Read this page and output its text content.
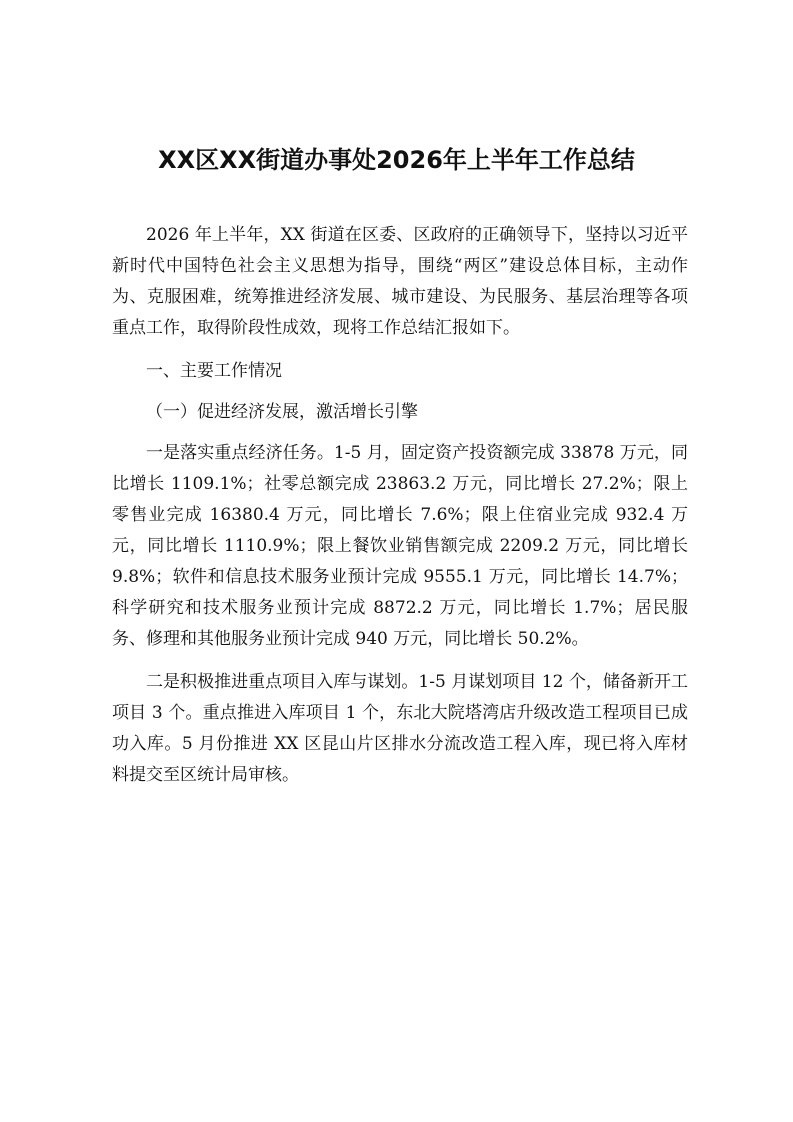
XX区XX街道办事处2026年上半年工作总结

2026 年上半年，XX 街道在区委、区政府的正确领导下，坚持以习近平新时代中国特色社会主义思想为指导，围绕“两区”建设总体目标，主动作为、克服困难，统筹推进经济发展、城市建设、为民服务、基层治理等各项重点工作，取得阶段性成效，现将工作总结汇报如下。

一、主要工作情况

（一）促进经济发展，激活增长引擎

一是落实重点经济任务。1-5 月，固定资产投资额完成 33878 万元，同比增长 1109.1%；社零总额完成 23863.2 万元，同比增长 27.2%；限上零售业完成 16380.4 万元，同比增长 7.6%；限上住宿业完成 932.4 万元，同比增长 1110.9%；限上餐饮业销售额完成 2209.2 万元，同比增长 9.8%；软件和信息技术服务业预计完成 9555.1 万元，同比增长 14.7%；科学研究和技术服务业预计完成 8872.2 万元，同比增长 1.7%；居民服务、修理和其他服务业预计完成 940 万元，同比增长 50.2%。

二是积极推进重点项目入库与谋划。1-5 月谋划项目 12 个，储备新开工项目 3 个。重点推进入库项目 1 个，东北大院塔湾店升级改造工程项目已成功入库。5 月份推进 XX 区昆山片区排水分流改造工程入库，现已将入库材料提交至区统计局审核。
